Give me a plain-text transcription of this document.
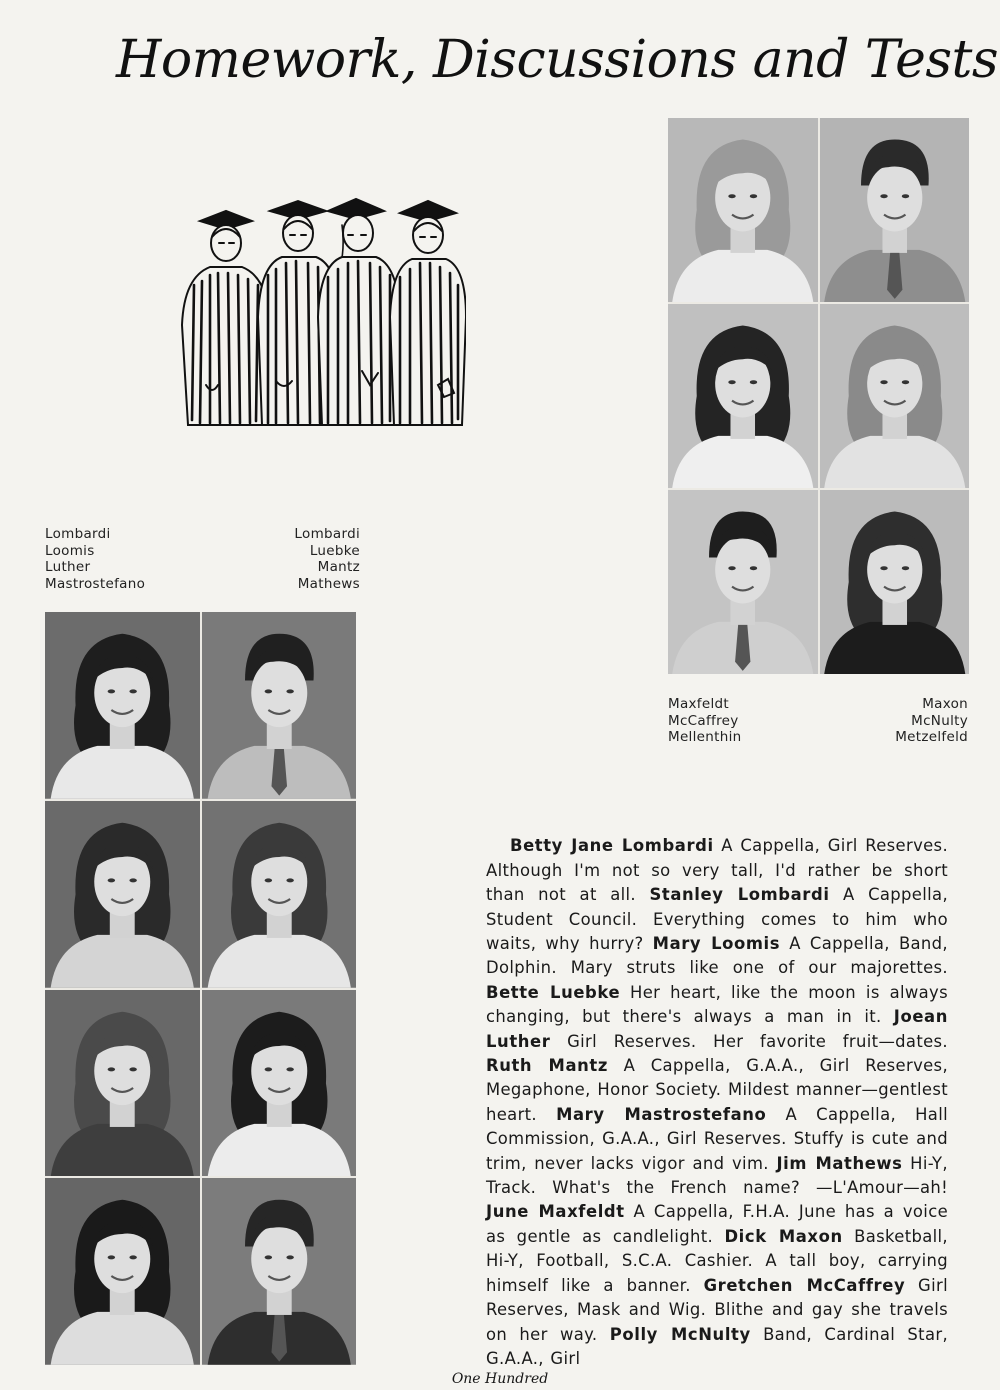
Homework, Discussions and Tests
Lombardi
Loomis
Luther
Mastrostefano
Lombardi
Luebke
Mantz
Mathews
Maxfeldt
McCaffrey
Mellenthin
Maxon
McNulty
Metzelfeld

Betty Jane Lombardi A Cappella, Girl Reserves. Although I'm not so very tall, I'd rather be short than not at all. Stanley Lombardi A Cappella, Student Council. Everything comes to him who waits, why hurry? Mary Loomis A Cappella, Band, Dolphin. Mary struts like one of our majorettes. Bette Luebke Her heart, like the moon is always changing, but there's always a man in it. Joean Luther Girl Reserves. Her favorite fruit—dates. Ruth Mantz A Cappella, G.A.A., Girl Reserves, Megaphone, Honor Society. Mildest manner—gentlest heart. Mary Mastrostefano A Cappella, Hall Commission, G.A.A., Girl Reserves. Stuffy is cute and trim, never lacks vigor and vim. Jim Mathews Hi-Y, Track. What's the French name? —L'Amour—ah! June Maxfeldt A Cappella, F.H.A. June has a voice as gentle as candlelight. Dick Maxon Basketball, Hi-Y, Football, S.C.A. Cashier. A tall boy, carrying himself like a banner. Gretchen McCaffrey Girl Reserves, Mask and Wig. Blithe and gay she travels on her way. Polly McNulty Band, Cardinal Star, G.A.A., Girl

One Hundred
